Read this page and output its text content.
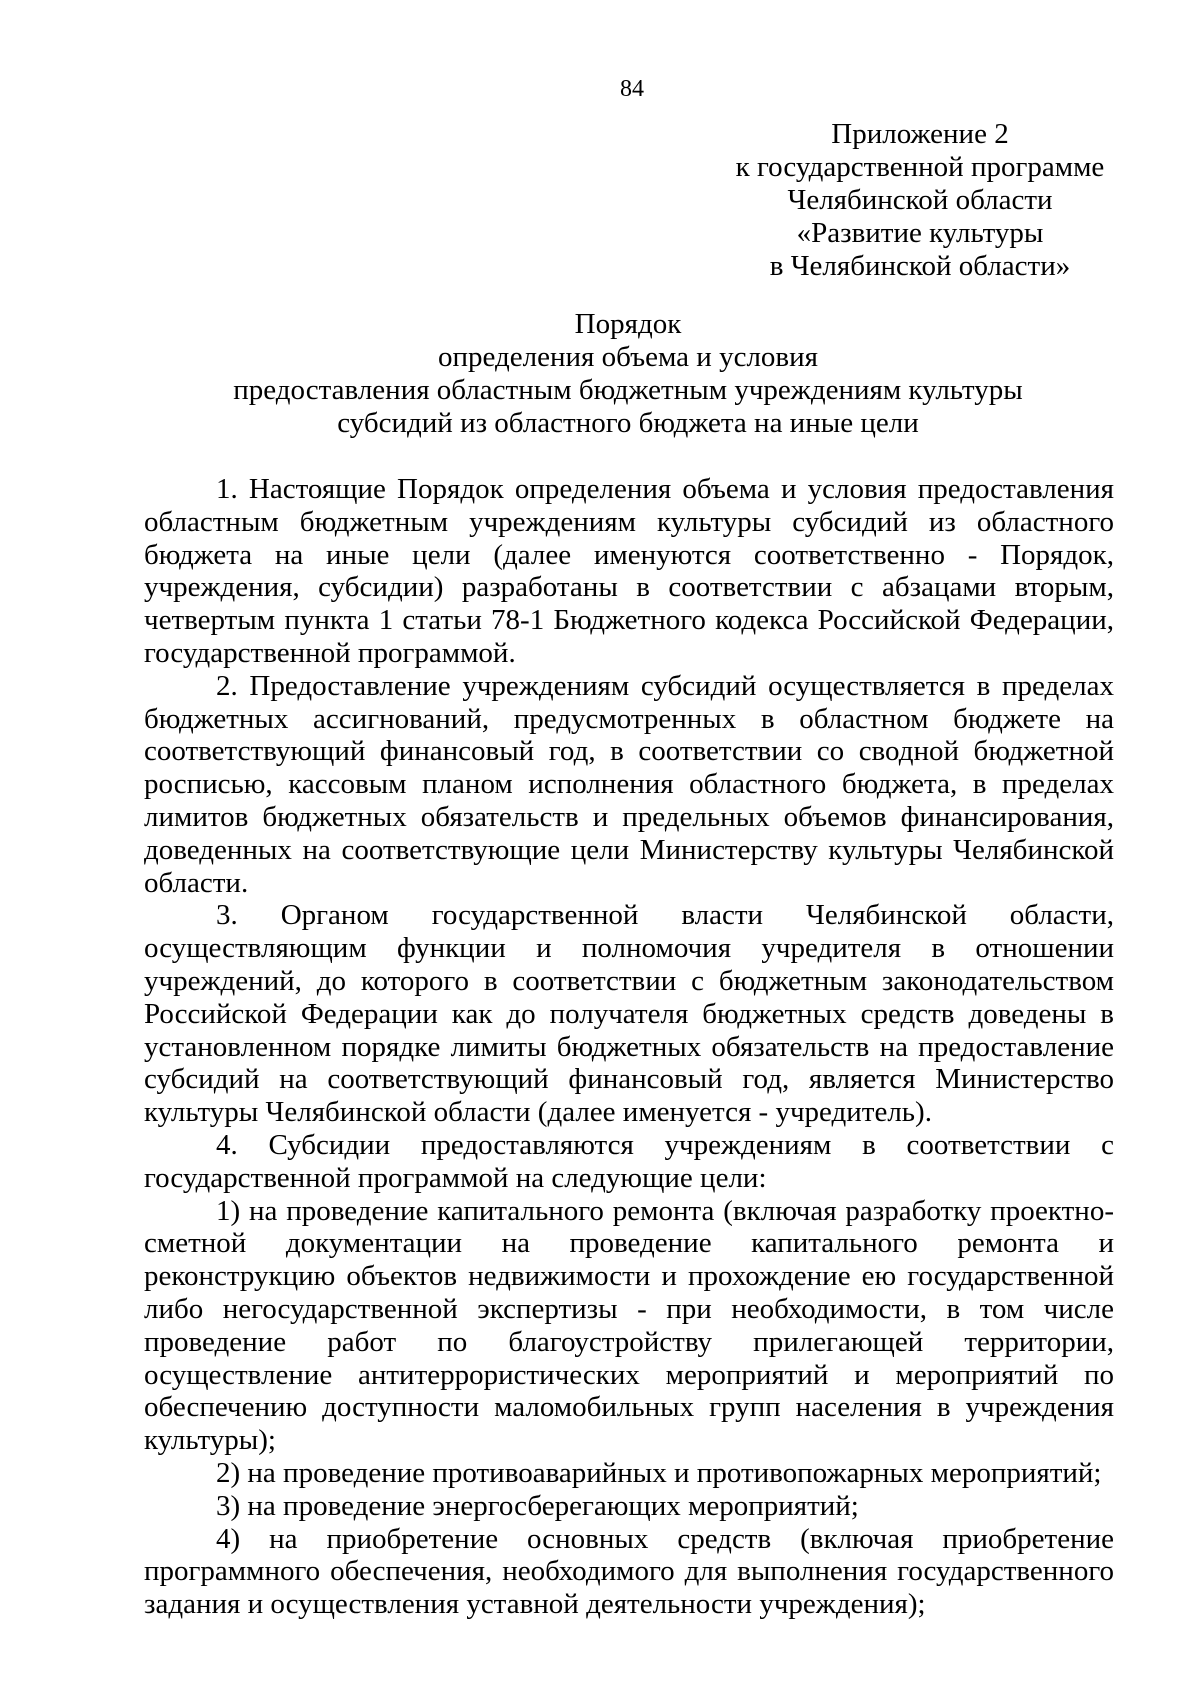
84
Приложение 2
к государственной программе
Челябинской области
«Развитие культуры
в Челябинской области»
Порядок
определения объема и условия
предоставления областным бюджетным учреждениям культуры
субсидий из областного бюджета на иные цели

1. Настоящие Порядок определения объема и условия предоставления областным бюджетным учреждениям культуры субсидий из областного бюджета на иные цели (далее именуются соответственно - Порядок, учреждения, субсидии) разработаны в соответствии с абзацами вторым, четвертым пункта 1 статьи 78-1 Бюджетного кодекса Российской Федерации, государственной программой.

2. Предоставление учреждениям субсидий осуществляется в пределах бюджетных ассигнований, предусмотренных в областном бюджете на соответствующий финансовый год, в соответствии со сводной бюджетной росписью, кассовым планом исполнения областного бюджета, в пределах лимитов бюджетных обязательств и предельных объемов финансирования, доведенных на соответствующие цели Министерству культуры Челябинской области.

3. Органом государственной власти Челябинской области, осуществляющим функции и полномочия учредителя в отношении учреждений, до которого в соответствии с бюджетным законодательством Российской Федерации как до получателя бюджетных средств доведены в установленном порядке лимиты бюджетных обязательств на предоставление субсидий на соответствующий финансовый год, является Министерство культуры Челябинской области (далее именуется - учредитель).

4. Субсидии предоставляются учреждениям в соответствии с государственной программой на следующие цели:

1) на проведение капитального ремонта (включая разработку проектно-сметной документации на проведение капитального ремонта и реконструкцию объектов недвижимости и прохождение ею государственной либо негосударственной экспертизы - при необходимости, в том числе проведение работ по благоустройству прилегающей территории, осуществление антитеррористических мероприятий и мероприятий по обеспечению доступности маломобильных групп населения в учреждения культуры);

2) на проведение противоаварийных и противопожарных мероприятий;

3) на проведение энергосберегающих мероприятий;

4) на приобретение основных средств (включая приобретение программного обеспечения, необходимого для выполнения государственного задания и осуществления уставной деятельности учреждения);
